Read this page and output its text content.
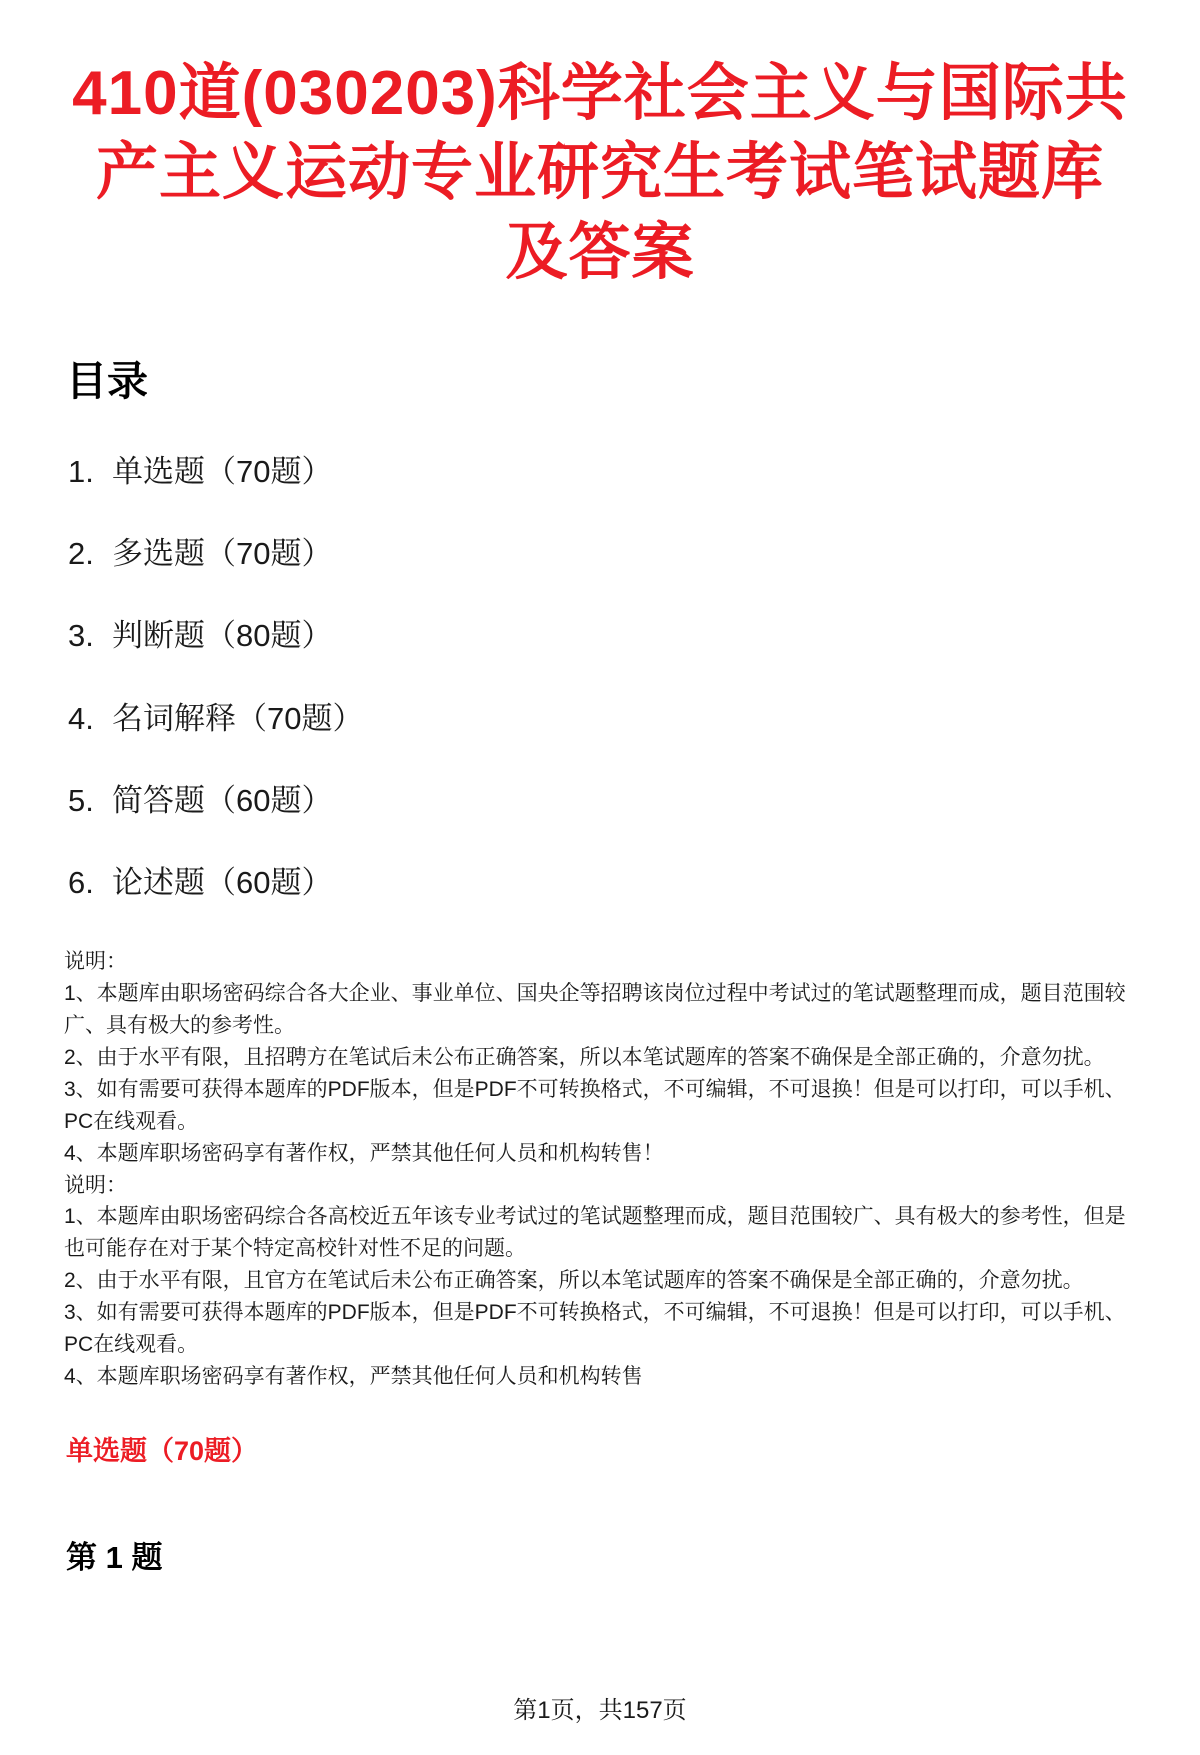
410道(030203)科学社会主义与国际共产主义运动专业研究生考试笔试题库及答案
目录
1. 单选题（70题）
2. 多选题（70题）
3. 判断题（80题）
4. 名词解释（70题）
5. 简答题（60题）
6. 论述题（60题）

说明：

1、本题库由职场密码综合各大企业、事业单位、国央企等招聘该岗位过程中考试过的笔试题整理而成，题目范围较广、具有极大的参考性。

2、由于水平有限，且招聘方在笔试后未公布正确答案，所以本笔试题库的答案不确保是全部正确的，介意勿扰。

3、如有需要可获得本题库的PDF版本，但是PDF不可转换格式，不可编辑，不可退换！但是可以打印，可以手机、PC在线观看。

4、本题库职场密码享有著作权，严禁其他任何人员和机构转售！

说明：

1、本题库由职场密码综合各高校近五年该专业考试过的笔试题整理而成，题目范围较广、具有极大的参考性，但是也可能存在对于某个特定高校针对性不足的问题。

2、由于水平有限，且官方在笔试后未公布正确答案，所以本笔试题库的答案不确保是全部正确的，介意勿扰。

3、如有需要可获得本题库的PDF版本，但是PDF不可转换格式，不可编辑，不可退换！但是可以打印，可以手机、PC在线观看。

4、本题库职场密码享有著作权，严禁其他任何人员和机构转售

单选题（70题）
第 1 题
第1页，共157页
